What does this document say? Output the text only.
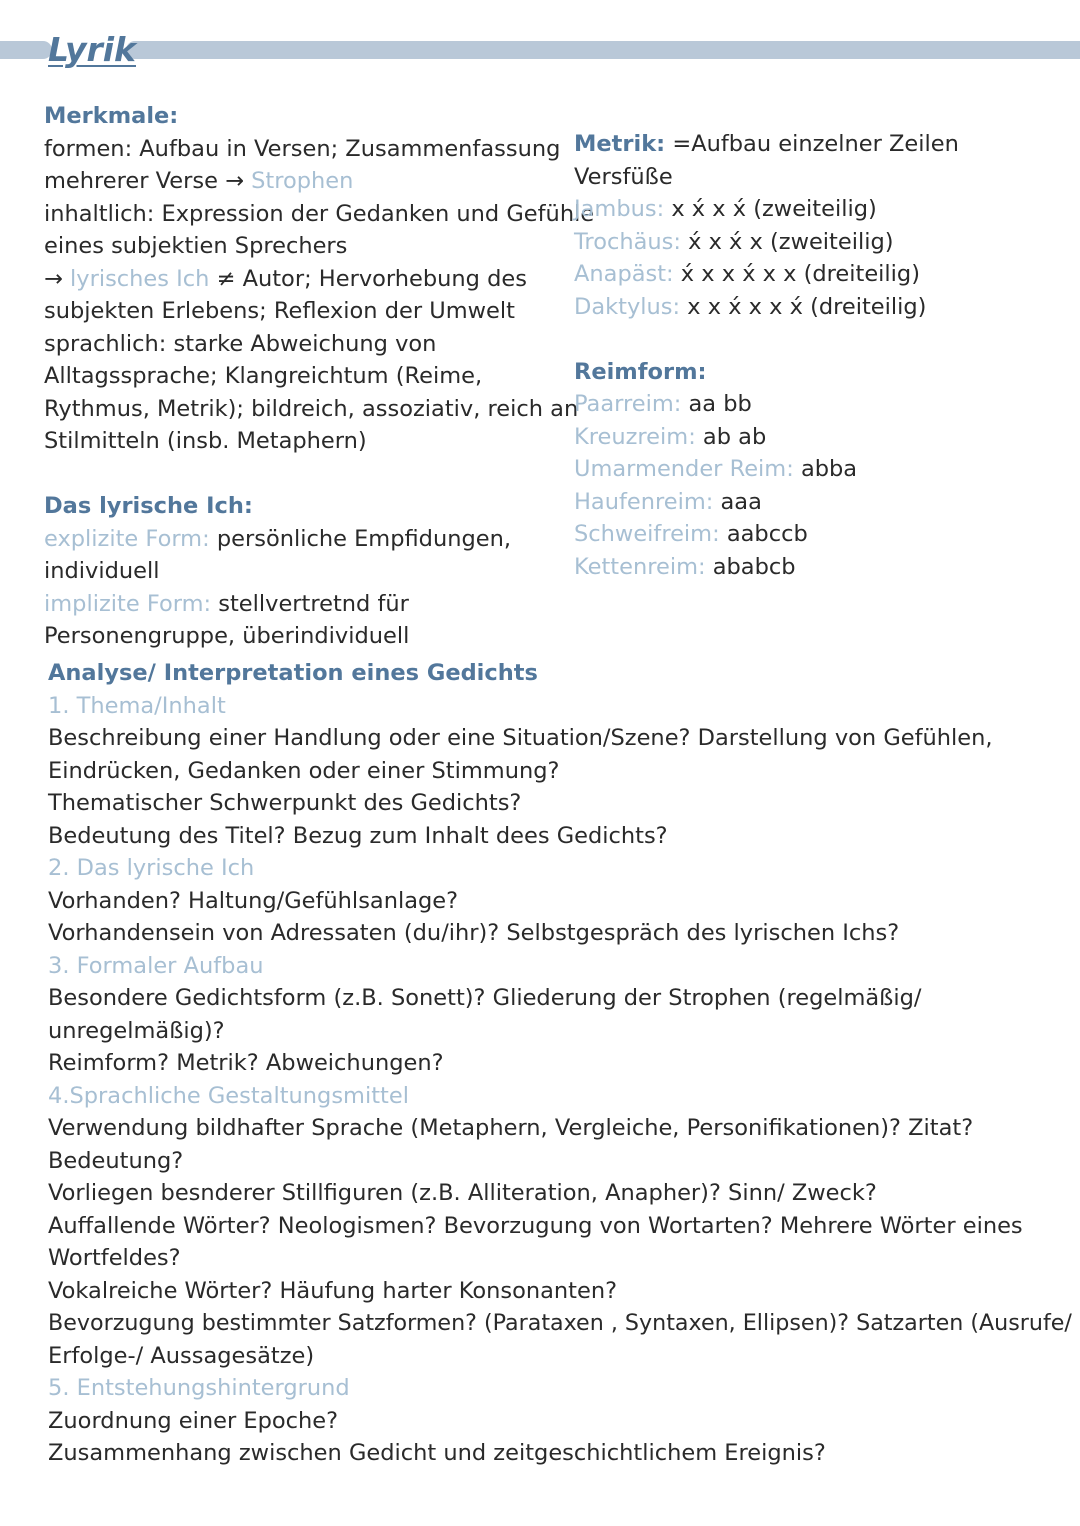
Lyrik

Merkmale:

formen: Aufbau in Versen; Zusammenfassung

mehrerer Verse → Strophen

inhaltlich: Expression der Gedanken und Gefühle

eines subjektien Sprechers

→ lyrisches Ich ≠ Autor; Hervorhebung des

subjekten Erlebens; Reflexion der Umwelt

sprachlich: starke Abweichung von

Alltagssprache; Klangreichtum (Reime,

Rythmus, Metrik); bildreich, assoziativ, reich an

Stilmitteln (insb. Metaphern)

Das lyrische Ich:

explizite Form: persönliche Empfidungen,

individuell

implizite Form: stellvertretnd für

Personengruppe, überindividuell

Metrik: =Aufbau einzelner Zeilen

Versfüße

Jambus: x x́ x x́ (zweiteilig)

Trochäus: x́ x x́ x (zweiteilig)

Anapäst: x́ x x x́ x x (dreiteilig)

Daktylus: x x x́ x x x́ (dreiteilig)

Reimform:

Paarreim: aa bb

Kreuzreim: ab ab

Umarmender Reim: abba

Haufenreim: aaa

Schweifreim: aabccb

Kettenreim: ababcb

Analyse/ Interpretation eines Gedichts

1. Thema/Inhalt

Beschreibung einer Handlung oder eine Situation/Szene? Darstellung von Gefühlen,

Eindrücken, Gedanken oder einer Stimmung?

Thematischer Schwerpunkt des Gedichts?

Bedeutung des Titel? Bezug zum Inhalt dees Gedichts?

2. Das lyrische Ich

Vorhanden? Haltung/Gefühlsanlage?

Vorhandensein von Adressaten (du/ihr)? Selbstgespräch des lyrischen Ichs?

3. Formaler Aufbau

Besondere Gedichtsform (z.B. Sonett)? Gliederung der Strophen (regelmäßig/

unregelmäßig)?

Reimform? Metrik? Abweichungen?

4.Sprachliche Gestaltungsmittel

Verwendung bildhafter Sprache (Metaphern, Vergleiche, Personifikationen)? Zitat?

Bedeutung?

Vorliegen besnderer Stillfiguren (z.B. Alliteration, Anapher)? Sinn/ Zweck?

Auffallende Wörter? Neologismen? Bevorzugung von Wortarten? Mehrere Wörter eines

Wortfeldes?

Vokalreiche Wörter? Häufung harter Konsonanten?

Bevorzugung bestimmter Satzformen? (Parataxen , Syntaxen, Ellipsen)? Satzarten (Ausrufe/

Erfolge-/ Aussagesätze)

5. Entstehungshintergrund

Zuordnung einer Epoche?

Zusammenhang zwischen Gedicht und zeitgeschichtlichem Ereignis?
